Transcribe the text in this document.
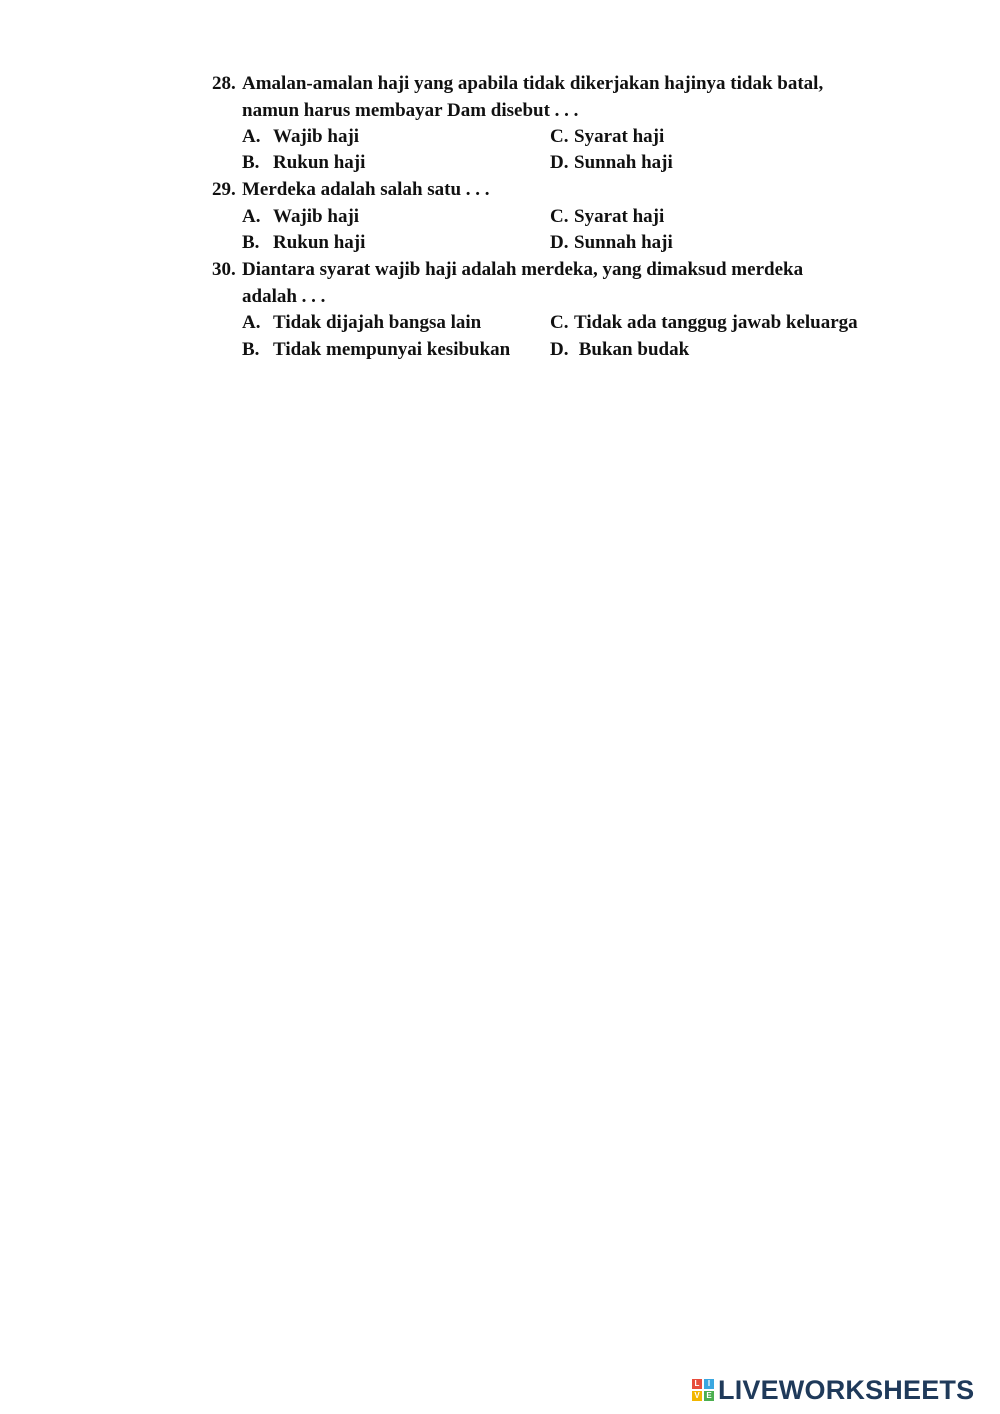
28. Amalan-amalan haji yang apabila tidak dikerjakan hajinya tidak batal, namun harus membayar Dam disebut . . .
A. Wajib haji	C. Syarat haji
B. Rukun haji	D. Sunnah haji
29. Merdeka adalah salah satu . . .
A. Wajib haji	C. Syarat haji
B. Rukun haji	D. Sunnah haji
30. Diantara syarat wajib haji adalah merdeka, yang dimaksud merdeka adalah . . .
A. Tidak dijajah bangsa lain	C. Tidak ada tanggug jawab keluarga
B. Tidak mempunyai kesibukan D. Bukan budak
L	I
V E LIVEWORKSHEETS
